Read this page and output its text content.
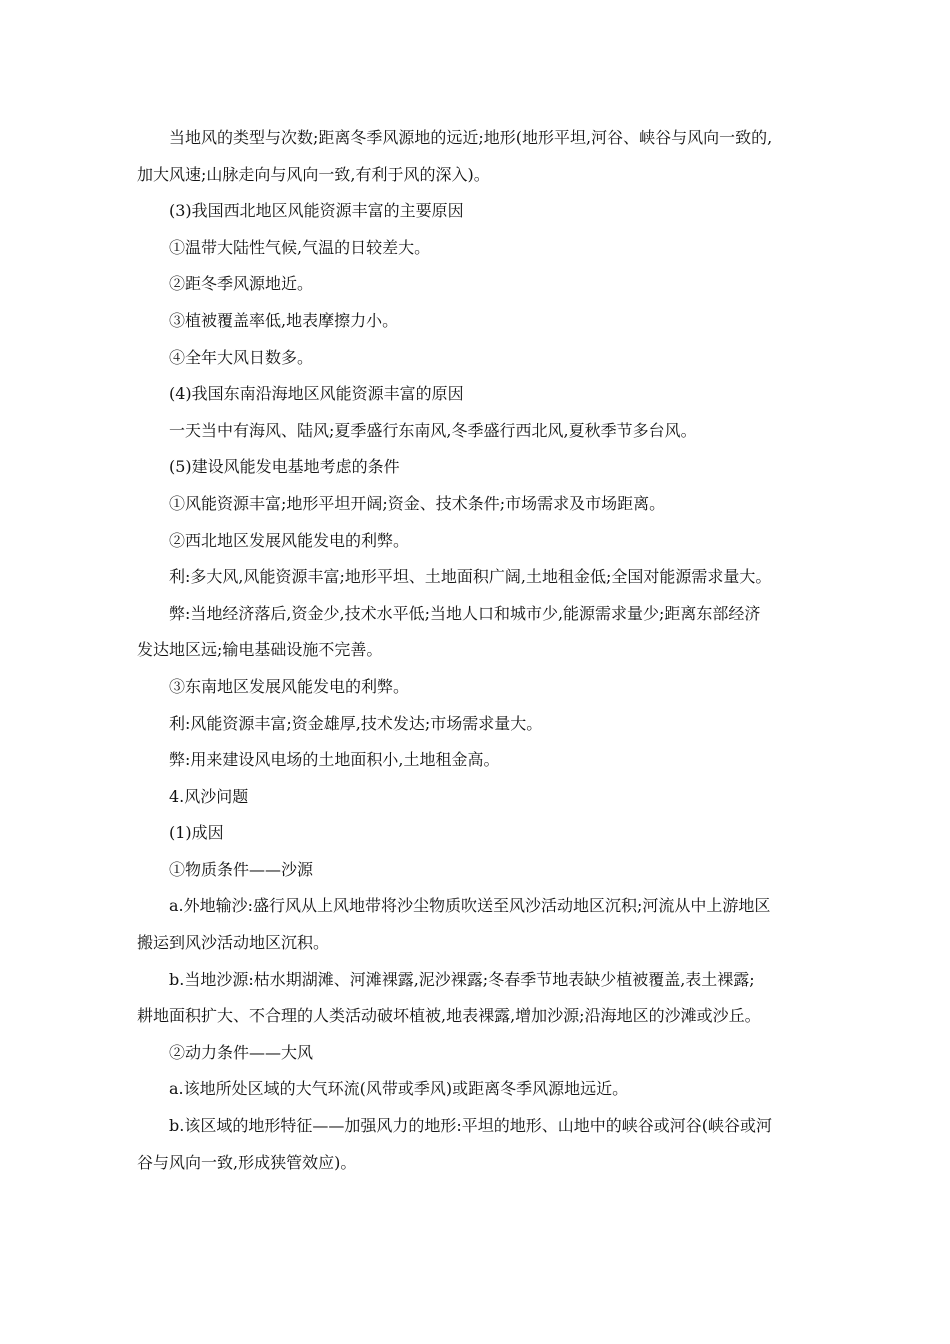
当地风的类型与次数;距离冬季风源地的远近;地形(地形平坦,河谷、峡谷与风向一致的,

加大风速;山脉走向与风向一致,有利于风的深入)。

(3)我国西北地区风能资源丰富的主要原因

①温带大陆性气候,气温的日较差大。

②距冬季风源地近。

③植被覆盖率低,地表摩擦力小。

④全年大风日数多。

(4)我国东南沿海地区风能资源丰富的原因

一天当中有海风、陆风;夏季盛行东南风,冬季盛行西北风,夏秋季节多台风。

(5)建设风能发电基地考虑的条件

①风能资源丰富;地形平坦开阔;资金、技术条件;市场需求及市场距离。

②西北地区发展风能发电的利弊。

利:多大风,风能资源丰富;地形平坦、土地面积广阔,土地租金低;全国对能源需求量大。

弊:当地经济落后,资金少,技术水平低;当地人口和城市少,能源需求量少;距离东部经济

发达地区远;输电基础设施不完善。

③东南地区发展风能发电的利弊。

利:风能资源丰富;资金雄厚,技术发达;市场需求量大。

弊:用来建设风电场的土地面积小,土地租金高。

4.风沙问题

(1)成因

①物质条件——沙源

a.外地输沙:盛行风从上风地带将沙尘物质吹送至风沙活动地区沉积;河流从中上游地区

搬运到风沙活动地区沉积。

b.当地沙源:枯水期湖滩、河滩裸露,泥沙裸露;冬春季节地表缺少植被覆盖,表土裸露;

耕地面积扩大、不合理的人类活动破坏植被,地表裸露,增加沙源;沿海地区的沙滩或沙丘。

②动力条件——大风

a.该地所处区域的大气环流(风带或季风)或距离冬季风源地远近。

b.该区域的地形特征——加强风力的地形:平坦的地形、山地中的峡谷或河谷(峡谷或河

谷与风向一致,形成狭管效应)。
